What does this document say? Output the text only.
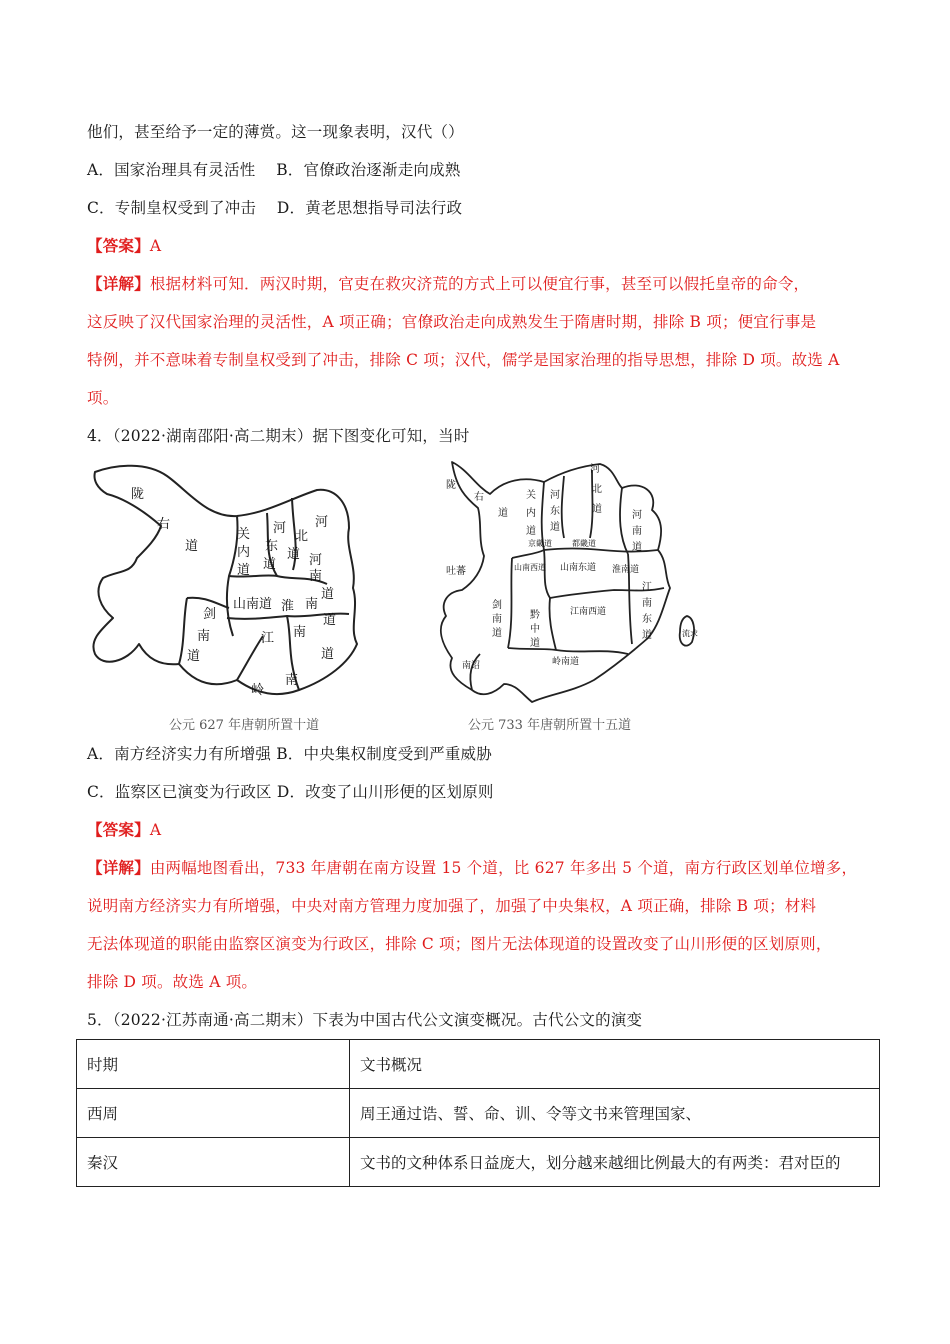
他们，甚至给予一定的薄赏。这一现象表明，汉代（）
A．国家治理具有灵活性　 B．官僚政治逐渐走向成熟
C．专制皇权受到了冲击　 D．黄老思想指导司法行政
【答案】A
【详解】根据材料可知．两汉时期，官吏在救灾济荒的方式上可以便宜行事，甚至可以假托皇帝的命令，
这反映了汉代国家治理的灵活性，A 项正确；官僚政治走向成熟发生于隋唐时期，排除 B 项；便宜行事是
特例，并不意味着专制皇权受到了冲击，排除 C 项；汉代，儒学是国家治理的指导思想，排除 D 项。故选 A
项。
4．（2022·湖南邵阳·高二期末）据下图变化可知，当时
陇
右
道
关
内
道
河
东
道
河
北
道 河
南
道
山南道 淮 南
道
剑
南
道
江 南
道
岭
南
公元 627 年唐朝所置十道
陇
右
道
关
内
道
河
东
道
河
北
道
河
南
道
都畿道
京畿道
山南西道 山南东道 淮南道
吐蕃
剑
南
道
黔
中
道
江南西道
江
南
东
道
南诏	岭南道
流求
公元 733 年唐朝所置十五道
A．南方经济实力有所增强 B．中央集权制度受到严重威胁
C．监察区已演变为行政区 D．改变了山川形便的区划原则
【答案】A
【详解】由两幅地图看出，733 年唐朝在南方设置 15 个道，比 627 年多出 5 个道，南方行政区划单位增多，
说明南方经济实力有所增强，中央对南方管理力度加强了，加强了中央集权，A 项正确，排除 B 项；材料
无法体现道的职能由监察区演变为行政区，排除 C 项；图片无法体现道的设置改变了山川形便的区划原则，
排除 D 项。故选 A 项。
5．（2022·江苏南通·高二期末）下表为中国古代公文演变概况。古代公文的演变
时期	文书概况
西周	周王通过诰、誓、命、训、令等文书来管理国家、
秦汉	文书的文种体系日益庞大，划分越来越细比例最大的有两类：君对臣的
